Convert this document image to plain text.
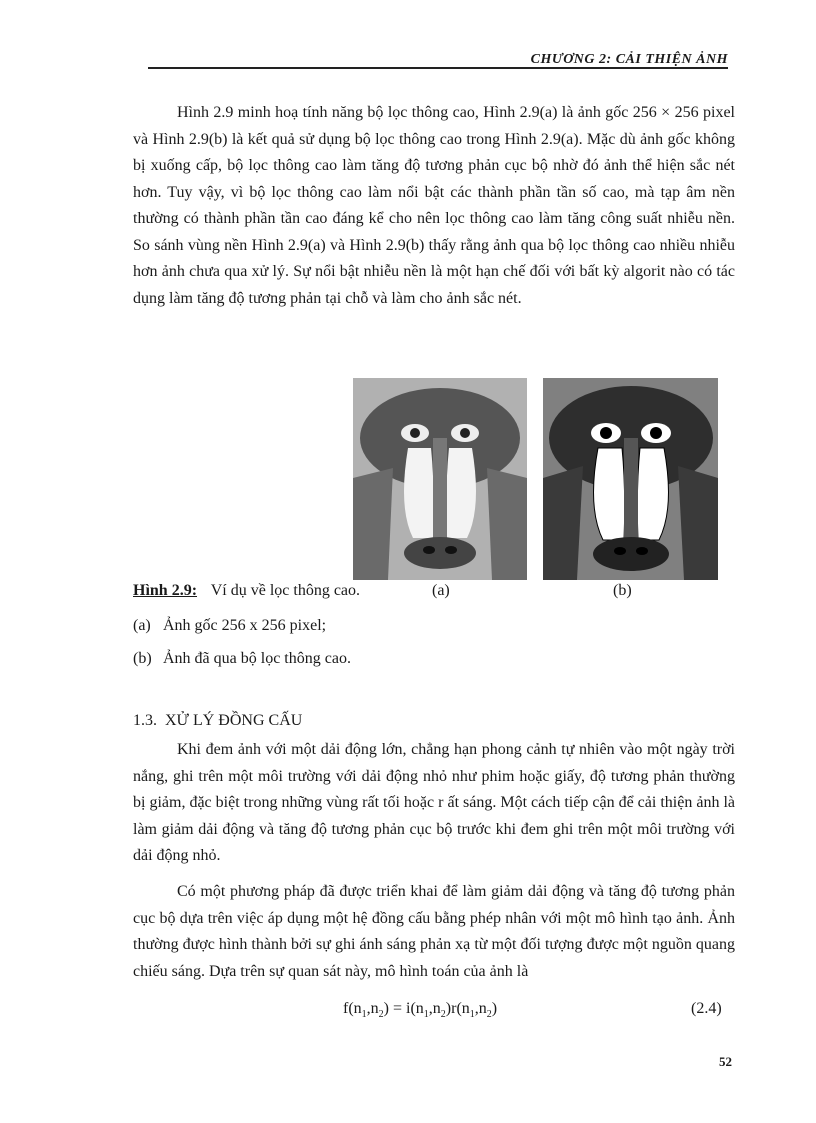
CHƯƠNG 2: CẢI THIỆN ẢNH

Hình 2.9 minh hoạ tính năng bộ lọc thông cao, Hình 2.9(a) là ảnh gốc 256 × 256 pixel và Hình 2.9(b) là kết quả sử dụng bộ lọc thông cao trong Hình 2.9(a). Mặc dù ảnh gốc không bị xuống cấp, bộ lọc thông cao làm tăng độ tương phản cục bộ nhờ đó ảnh thể hiện sắc nét hơn. Tuy vậy, vì bộ lọc thông cao làm nổi bật các thành phần tần số cao, mà tạp âm nền thường có thành phần tần cao đáng kể cho nên lọc thông cao làm tăng công suất nhiễu nền. So sánh vùng nền Hình 2.9(a) và Hình 2.9(b) thấy rằng ảnh qua bộ lọc thông cao nhiều nhiễu hơn ảnh chưa qua xử lý. Sự nổi bật nhiễu nền là một hạn chế đối với bất kỳ algorit nào có tác dụng làm tăng độ tương phản tại chỗ và làm cho ảnh sắc nét.

Hình 2.9: Ví dụ về lọc thông cao.	(a)	(b)
(a) Ảnh gốc 256 x 256 pixel;
(b) Ảnh đã qua bộ lọc thông cao.
1.3. XỬ LÝ ĐỒNG CẤU

Khi đem ảnh với một dải động lớn, chẳng hạn phong cảnh tự nhiên vào một ngày trời nắng, ghi trên một môi trường với dải động nhỏ như phim hoặc giấy, độ tương phản thường bị giảm, đặc biệt trong những vùng rất tối hoặc r ất sáng. Một cách tiếp cận để cải thiện ảnh là làm giảm dải động và tăng độ tương phản cục bộ trước khi đem ghi trên một môi trường với dải động nhỏ.

Có một phương pháp đã được triển khai để làm giảm dải động và tăng độ tương phản cục bộ dựa trên việc áp dụng một hệ đồng cấu bằng phép nhân với một mô hình tạo ảnh. Ảnh thường được hình thành bởi sự ghi ánh sáng phản xạ từ một đối tượng được một nguồn quang chiếu sáng. Dựa trên sự quan sát này, mô hình toán của ảnh là

$f(n_1,n_2) = i(n_1,n_2)r(n_1,n_2)$	(2.4)
52
